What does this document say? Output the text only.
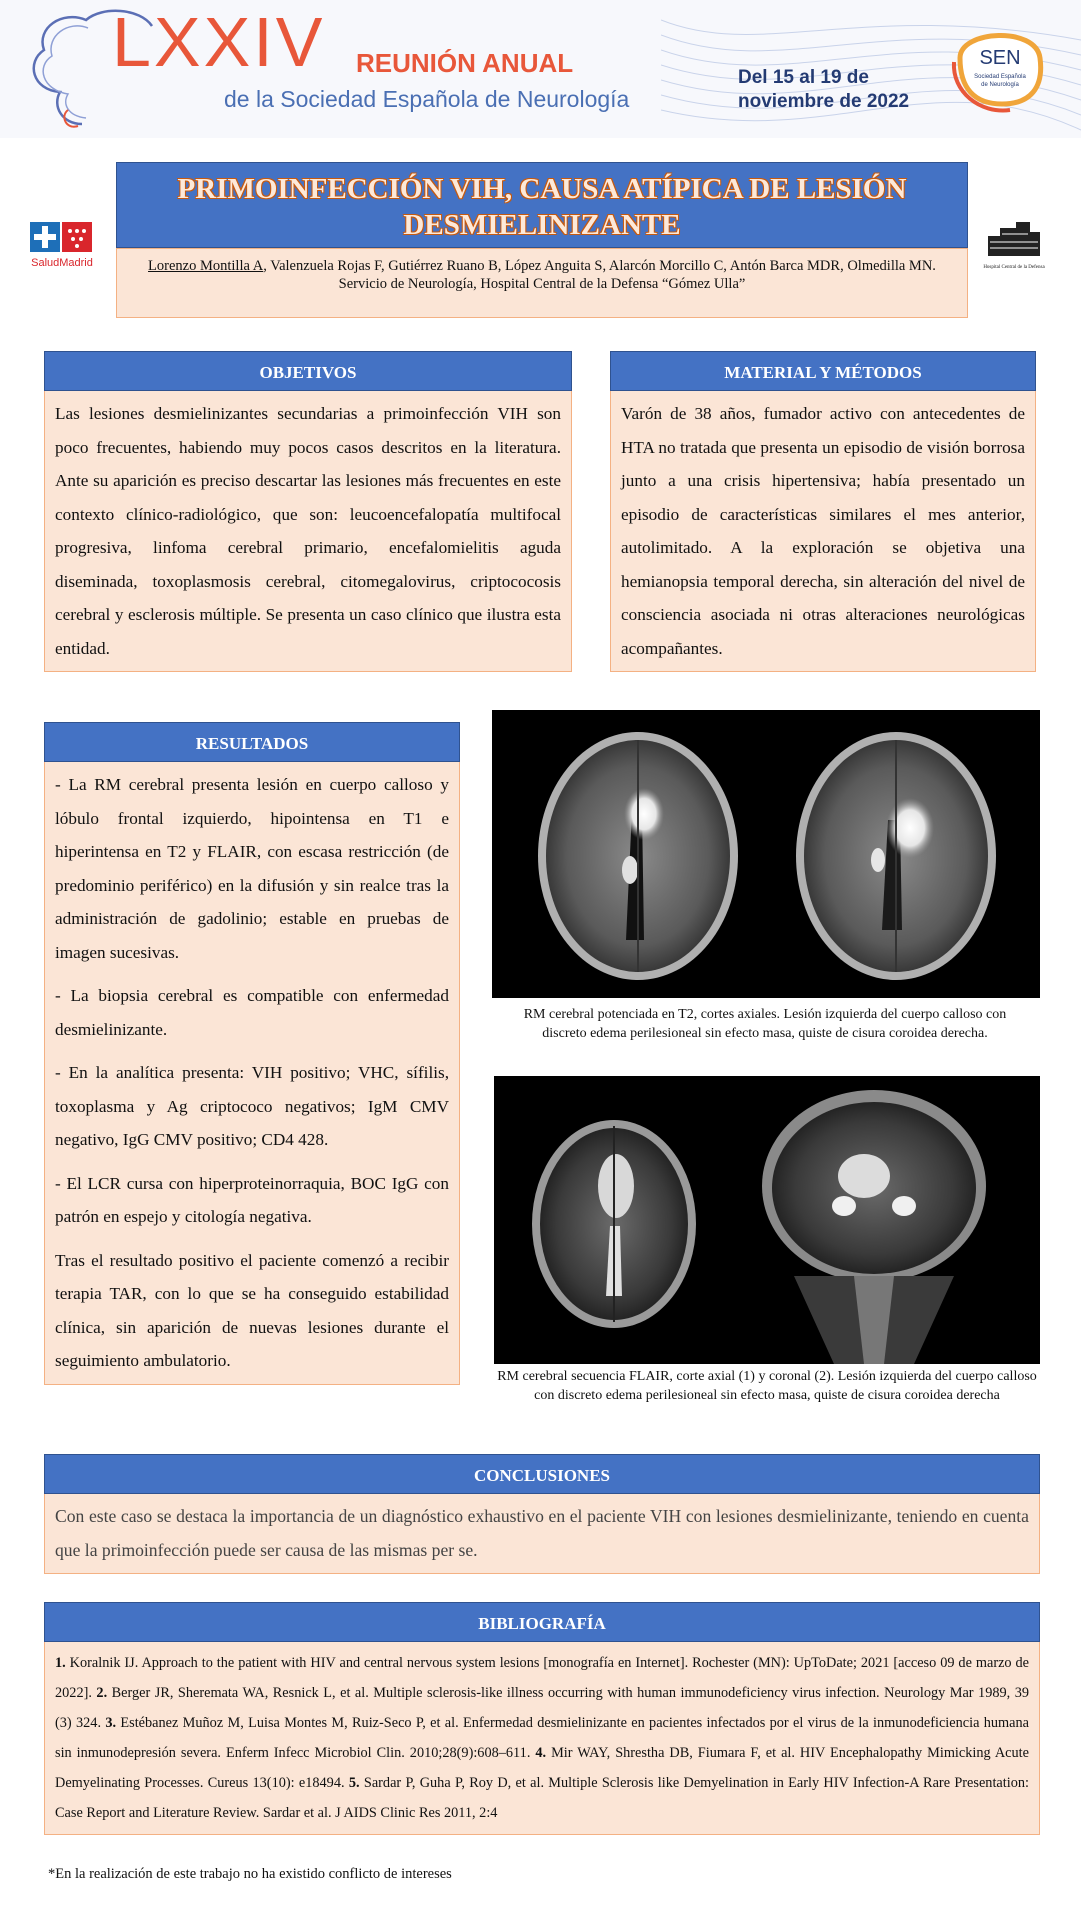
LXXIV REUNIÓN ANUAL
de la Sociedad Española de Neurología
Del 15 al 19 de
noviembre de 2022
SEN
Sociedad Española
de Neurología
SaludMadrid	Hospital Central de la Defensa
PRIMOINFECCIÓN VIH, CAUSA ATÍPICA DE LESIÓN DESMIELINIZANTE
Lorenzo Montilla A, Valenzuela Rojas F, Gutiérrez Ruano B, López Anguita S, Alarcón Morcillo C, Antón Barca MDR, Olmedilla MN.
Servicio de Neurología, Hospital Central de la Defensa “Gómez Ulla”
OBJETIVOS
Las lesiones desmielinizantes secundarias a primoinfección VIH son poco frecuentes, habiendo muy pocos casos descritos en la literatura. Ante su aparición es preciso descartar las lesiones más frecuentes en este contexto clínico-radiológico, que son: leucoencefalopatía multifocal progresiva, linfoma cerebral primario, encefalomielitis aguda diseminada, toxoplasmosis cerebral, citomegalovirus, criptococosis cerebral y esclerosis múltiple. Se presenta un caso clínico que ilustra esta entidad.
MATERIAL Y MÉTODOS
Varón de 38 años, fumador activo con antecedentes de HTA no tratada que presenta un episodio de visión borrosa junto a una crisis hipertensiva; había presentado un episodio de características similares el mes anterior, autolimitado. A la exploración se objetiva una hemianopsia temporal derecha, sin alteración del nivel de consciencia asociada ni otras alteraciones neurológicas acompañantes.
RESULTADOS

- La RM cerebral presenta lesión en cuerpo calloso y lóbulo frontal izquierdo, hipointensa en T1 e hiperintensa en T2 y FLAIR, con escasa restricción (de predominio periférico) en la difusión y sin realce tras la administración de gadolinio; estable en pruebas de imagen sucesivas.

- La biopsia cerebral es compatible con enfermedad desmielinizante.

- En la analítica presenta: VIH positivo; VHC, sífilis, toxoplasma y Ag criptococo negativos; IgM CMV negativo, IgG CMV positivo; CD4 428.

- El LCR cursa con hiperproteinorraquia, BOC IgG con patrón en espejo y citología negativa.

Tras el resultado positivo el paciente comenzó a recibir terapia TAR, con lo que se ha conseguido estabilidad clínica, sin aparición de nuevas lesiones durante el seguimiento ambulatorio.

RM cerebral potenciada en T2, cortes axiales. Lesión izquierda del cuerpo calloso con discreto edema perilesioneal sin efecto masa, quiste de cisura coroidea derecha.
RM cerebral secuencia FLAIR, corte axial (1) y coronal (2). Lesión izquierda del cuerpo calloso con discreto edema perilesioneal sin efecto masa, quiste de cisura coroidea derecha
CONCLUSIONES
Con este caso se destaca la importancia de un diagnóstico exhaustivo en el paciente VIH con lesiones desmielinizante, teniendo en cuenta que la primoinfección puede ser causa de las mismas per se.
BIBLIOGRAFÍA
1. Koralnik IJ. Approach to the patient with HIV and central nervous system lesions [monografía en Internet]. Rochester (MN): UpToDate; 2021 [acceso 09 de marzo de 2022]. 2. Berger JR, Sheremata WA, Resnick L, et al. Multiple sclerosis-like illness occurring with human immunodeficiency virus infection. Neurology Mar 1989, 39 (3) 324. 3. Estébanez Muñoz M, Luisa Montes M, Ruiz-Seco P, et al. Enfermedad desmielinizante en pacientes infectados por el virus de la inmunodeficiencia humana sin inmunodepresión severa. Enferm Infecc Microbiol Clin. 2010;28(9):608–611. 4. Mir WAY, Shrestha DB, Fiumara F, et al. HIV Encephalopathy Mimicking Acute Demyelinating Processes. Cureus 13(10): e18494. 5. Sardar P, Guha P, Roy D, et al. Multiple Sclerosis like Demyelination in Early HIV Infection-A Rare Presentation: Case Report and Literature Review. Sardar et al. J AIDS Clinic Res 2011, 2:4
*En la realización de este trabajo no ha existido conflicto de intereses
